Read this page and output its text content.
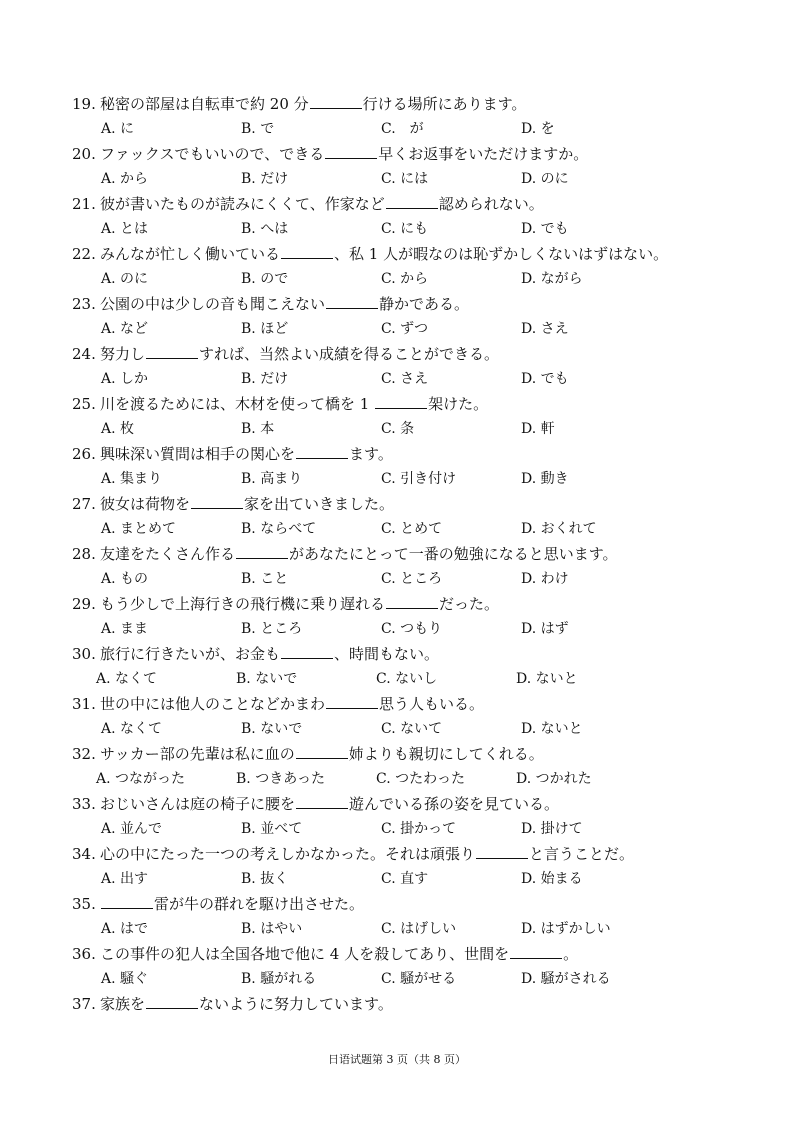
19. 秘密の部屋は自転車で約 20 分	行ける場所にあります。
A. に	B. で	C.　が	D. を
20. ファックスでもいいので、できる	早くお返事をいただけますか。
A. から	B. だけ	C. には	D. のに
21. 彼が書いたものが読みにくくて、作家など	認められない。
A. とは	B. へは	C. にも	D. でも
22. みんなが忙しく働いている	、私 1 人が暇なのは恥ずかしくないはずはない。
A. のに	B. ので	C. から	D. ながら
23. 公園の中は少しの音も聞こえない	静かである。
A. など	B. ほど	C. ずつ	D. さえ
24. 努力し	すれば、当然よい成績を得ることができる。
A. しか	B. だけ	C. さえ	D. でも
25. 川を渡るためには、木材を使って橋を 1	架けた。
A. 枚	B. 本	C. 条	D. 軒
26. 興味深い質問は相手の関心を	ます。
A. 集まり	B. 高まり	C. 引き付け	D. 動き
27. 彼女は荷物を	家を出ていきました。
A. まとめて	B. ならべて	C. とめて	D. おくれて
28. 友達をたくさん作る	があなたにとって一番の勉強になると思います。
A. もの	B. こと	C. ところ	D. わけ
29. もう少しで上海行きの飛行機に乗り遅れる	だった。
A. まま	B. ところ	C. つもり	D. はず
30. 旅行に行きたいが、お金も	、時間もない。
A. なくて	B. ないで	C. ないし	D. ないと
31. 世の中には他人のことなどかまわ	思う人もいる。
A. なくて	B. ないで	C. ないて	D. ないと
32. サッカー部の先輩は私に血の	姉よりも親切にしてくれる。
A. つながった	B. つきあった	C. つたわった	D. つかれた
33. おじいさんは庭の椅子に腰を	遊んでいる孫の姿を見ている。
A. 並んで	B. 並べて	C. 掛かって	D. 掛けて
34. 心の中にたった一つの考えしかなかった。それは頑張り	と言うことだ。
A. 出す	B. 抜く	C. 直す	D. 始まる
35.	雷が牛の群れを駆け出させた。
A. はで	B. はやい	C. はげしい	D. はずかしい
36. この事件の犯人は全国各地で他に 4 人を殺してあり、世間を	。
A. 騒ぐ	B. 騒がれる	C. 騒がせる	D. 騒がされる
37. 家族を	ないように努力しています。
日语试题第 3 页（共 8 页）
